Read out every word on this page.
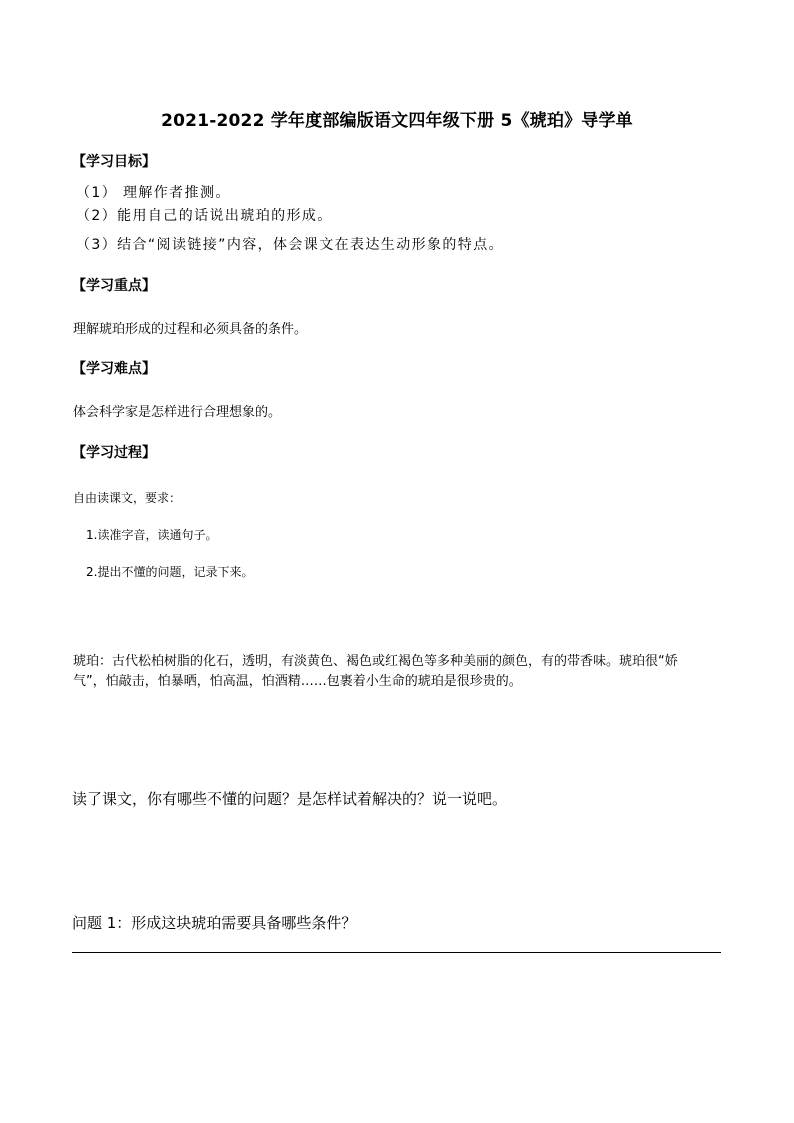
2021-2022 学年度部编版语文四年级下册 5《琥珀》导学单
【学习目标】
（1） 理解作者推测。
（2）能用自己的话说出琥珀的形成。
（3）结合“阅读链接”内容，体会课文在表达生动形象的特点。
【学习重点】
理解琥珀形成的过程和必须具备的条件。
【学习难点】
体会科学家是怎样进行合理想象的。
【学习过程】
自由读课文，要求：
1.读准字音，读通句子。
2.提出不懂的问题，记录下来。
琥珀：古代松柏树脂的化石，透明，有淡黄色、褐色或红褐色等多种美丽的颜色，有的带香味。琥珀很“娇
气”，怕敲击，怕暴晒，怕高温，怕酒精……包裹着小生命的琥珀是很珍贵的。
读了课文，你有哪些不懂的问题？是怎样试着解决的？说一说吧。
问题 1：形成这块琥珀需要具备哪些条件？
